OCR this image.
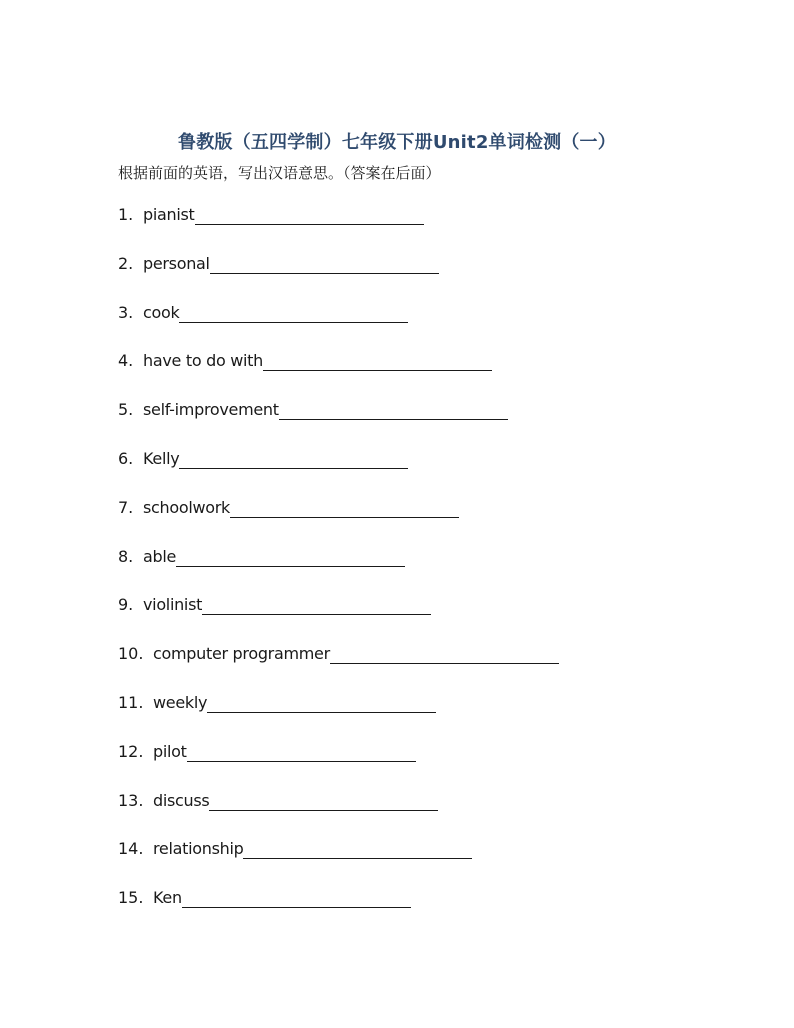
鲁教版（五四学制）七年级下册Unit2单词检测（一）
根据前面的英语，写出汉语意思。（答案在后面）
1. pianist
2. personal
3. cook
4. have to do with
5. self-improvement
6. Kelly
7. schoolwork
8. able
9. violinist
10. computer programmer
11. weekly
12. pilot
13. discuss
14. relationship
15. Ken
